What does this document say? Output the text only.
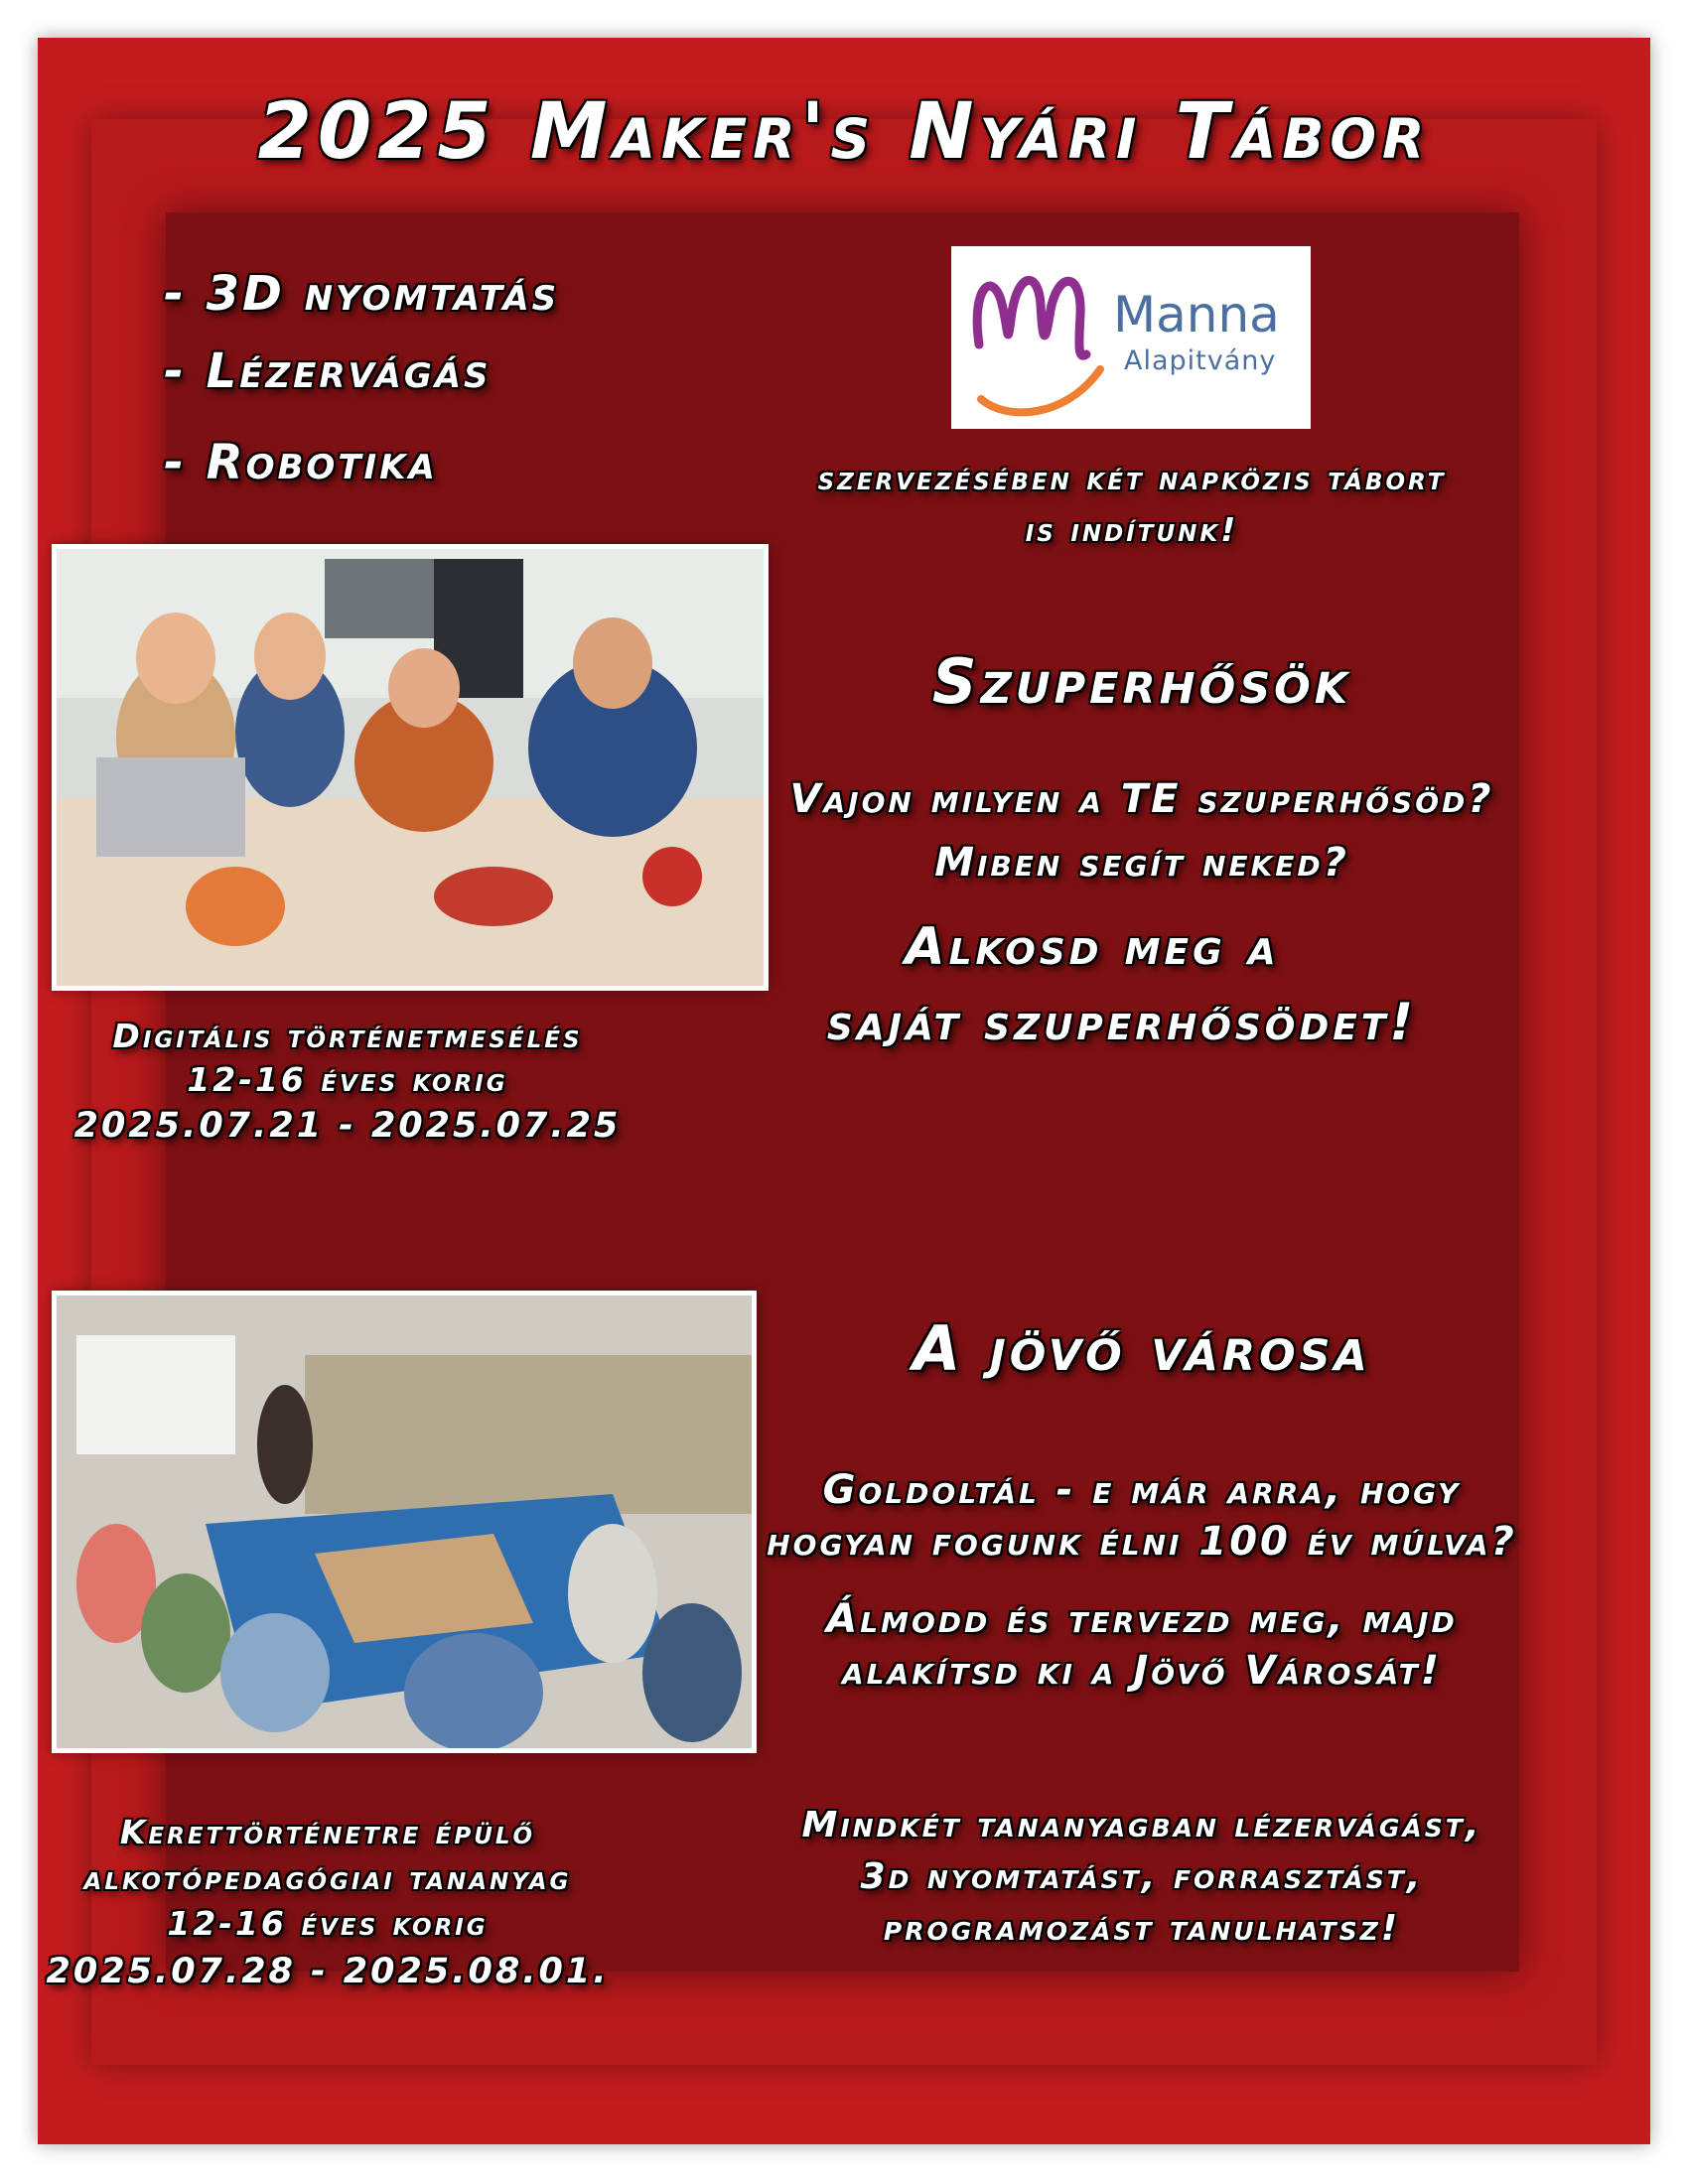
2025 Maker's Nyári Tábor
- 3D nyomtatás
- Lézervágás
- Robotika
Manna
Alapitvány
szervezésében két napközis tábort
is indítunk!
Szuperhősök
Vajon milyen a TE szuperhősöd?
Miben segít neked?
Alkosd meg a
saját szuperhősödet!
Digitális történetmesélés
12-16 éves korig
2025.07.21 - 2025.07.25
A jövő városa
Goldoltál - e már arra, hogy
hogyan fogunk élni 100 év múlva?
Álmodd és tervezd meg, majd
alakítsd ki a Jövő Városát!
Kerettörténetre épülő
alkotópedagógiai tananyag
12-16 éves korig
2025.07.28 - 2025.08.01.
Mindkét tananyagban lézervágást,
3d nyomtatást, forrasztást,
programozást tanulhatsz!
